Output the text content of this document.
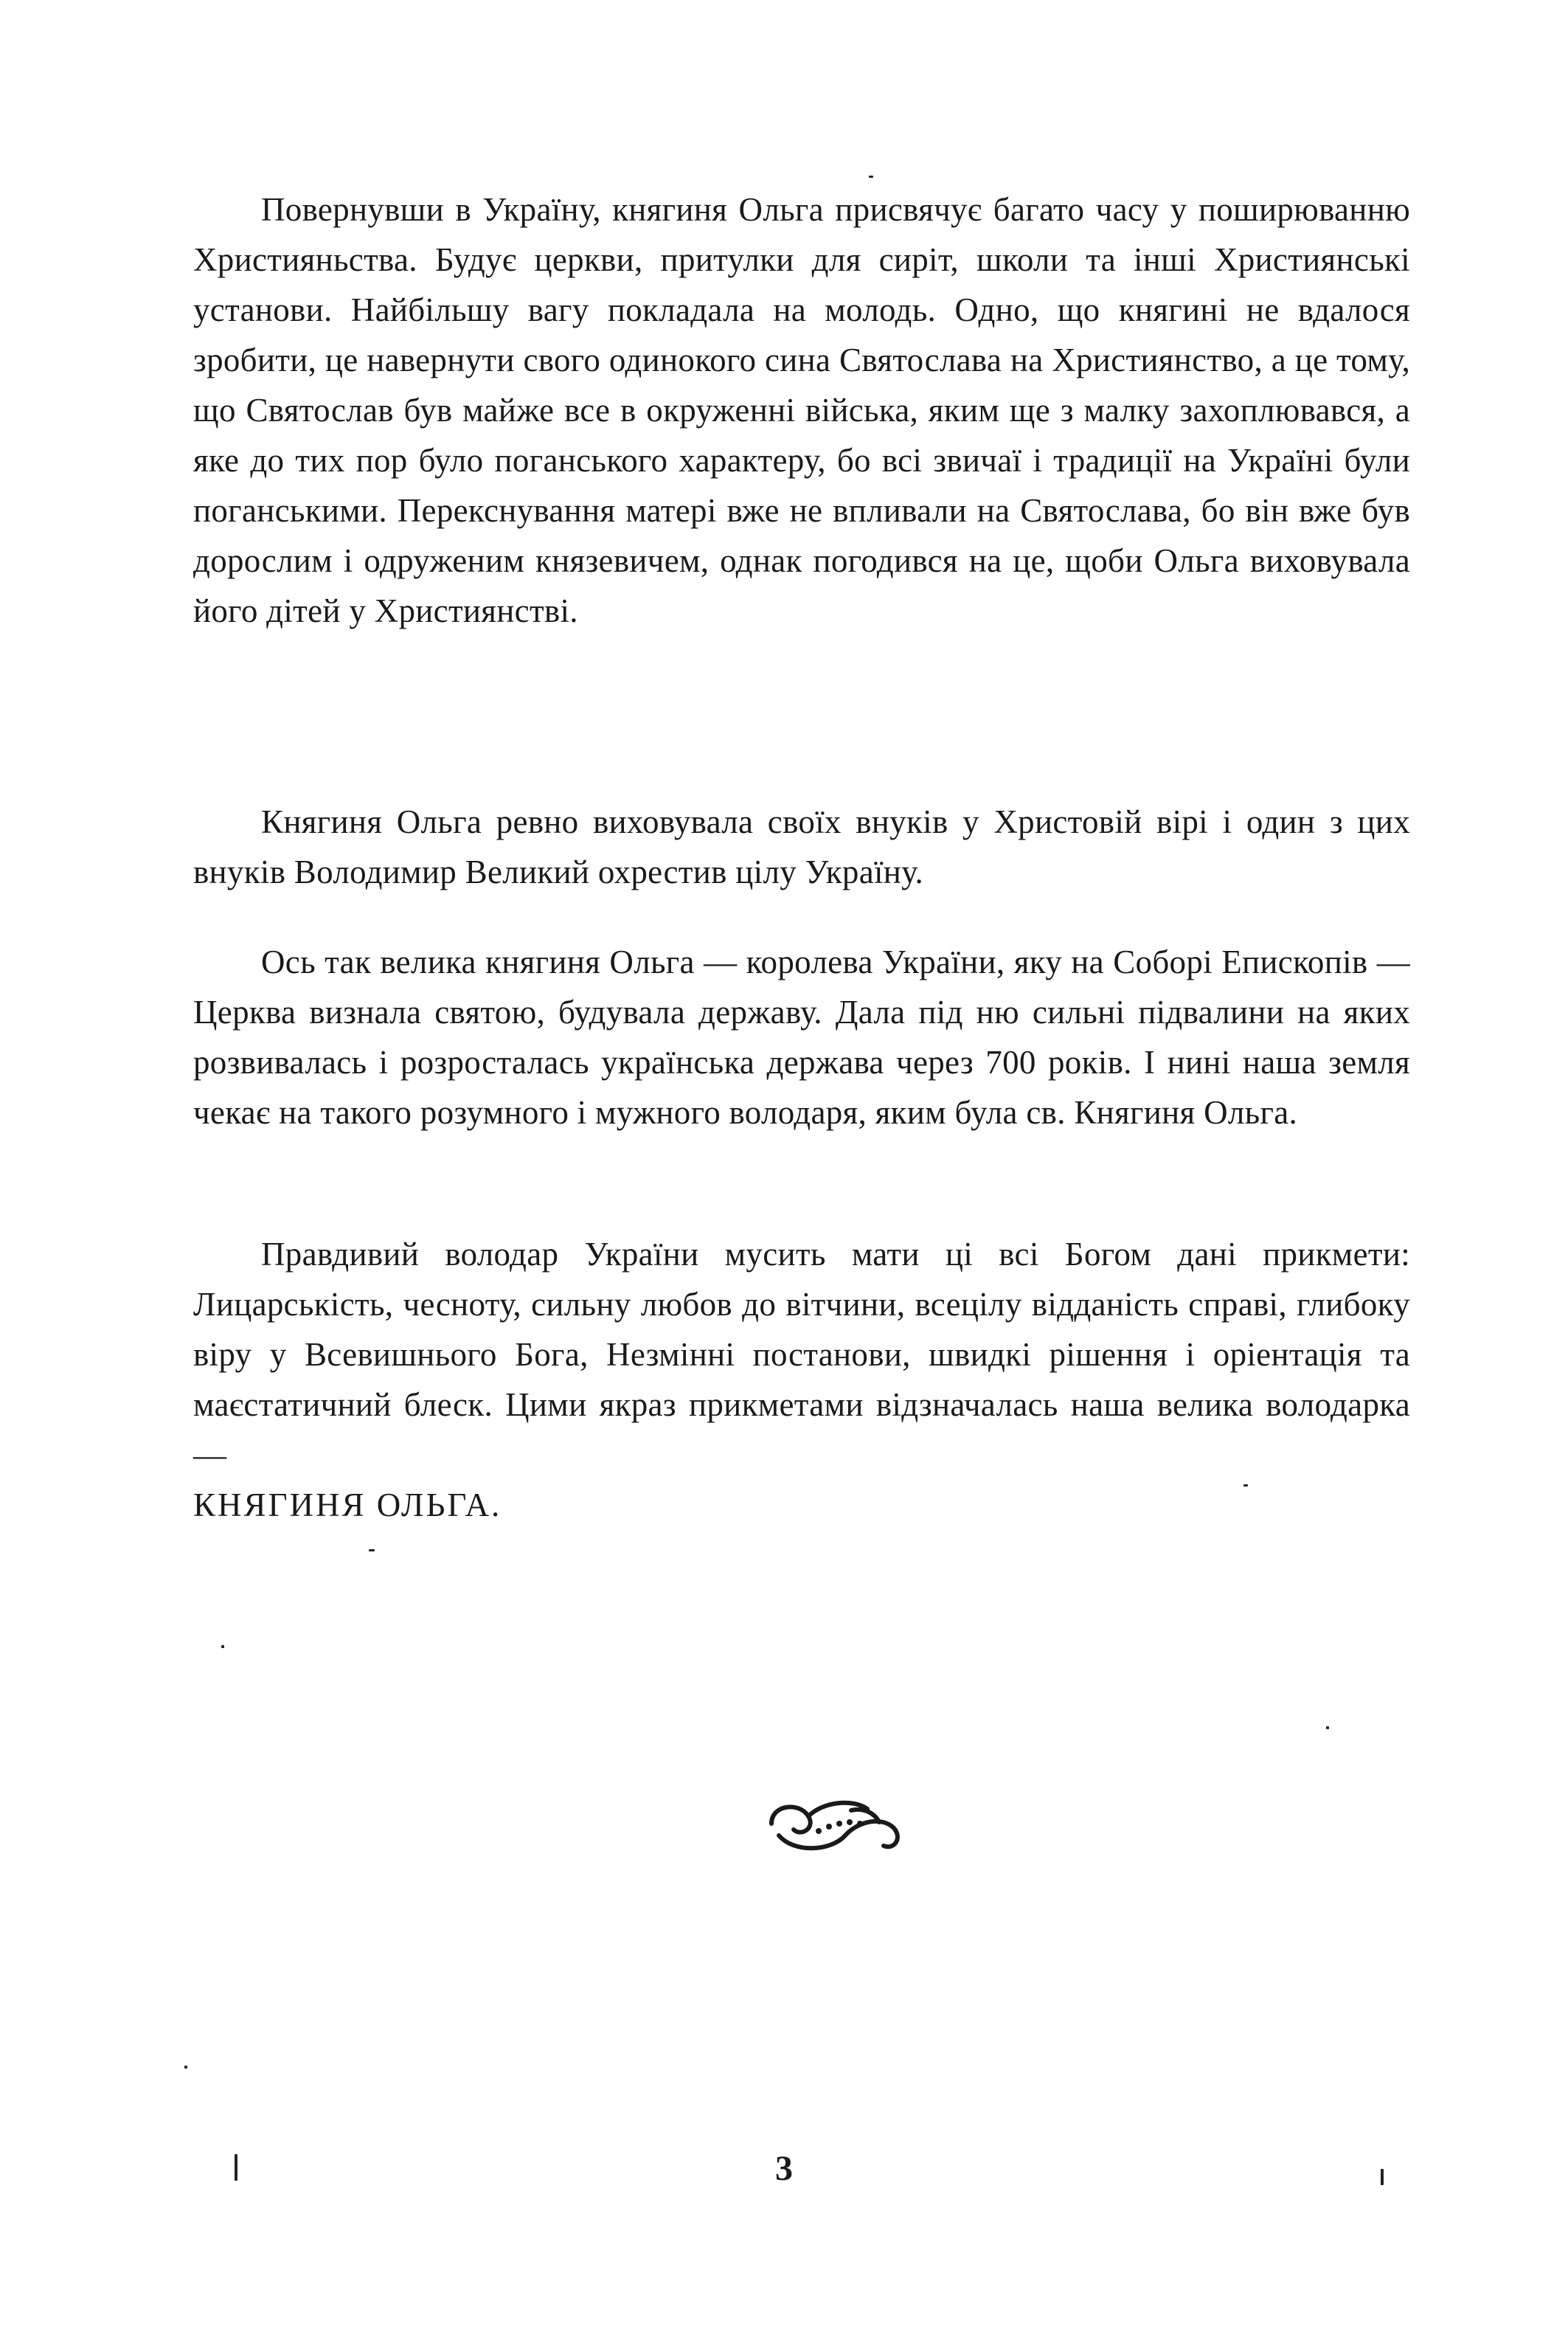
Повернувши в Україну, княгиня Ольга присвячує багато часу у поширюванню Християньства. Будує церкви, притулки для сиріт, школи та інші Християнські установи. Найбільшу вагу покладала на молодь. Одно, що княгині не вдалося зробити, це навернути свого одинокого сина Святослава на Християнство, а це тому, що Святослав був майже все в окруженні війська, яким ще з малку захоплювався, а яке до тих пор було поганського характеру, бо всі звичаї і традиції на Україні були поганськими. Перекснування матері вже не впливали на Святослава, бо він вже був дорослим і одруженим князевичем, однак погодився на це, щоби Ольга виховувала його дітей у Християнстві.

Княгиня Ольга ревно виховувала своїх внуків у Христовій вірі і один з цих внуків Володимир Великий охрестив цілу Україну.

Ось так велика княгиня Ольга — королева України, яку на Соборі Епископів — Церква визнала святою, будувала державу. Дала під ню сильні підвалини на яких розвивалась і розросталась українська держава через 700 років. І нині наша земля чекає на такого розумного і мужного володаря, яким була св. Княгиня Ольга.

Правдивий володар України мусить мати ці всі Богом дані прикмети: Лицарськість, чесноту, сильну любов до вітчини, всецілу відданість справі, глибоку віру у Всевишнього Бога, Незмінні постанови, швидкі рішення і оріентація та маєстатичний блеск. Цими якраз прикметами відзначалась наша велика володарка —
КНЯГИНЯ ОЛЬГА.

3
